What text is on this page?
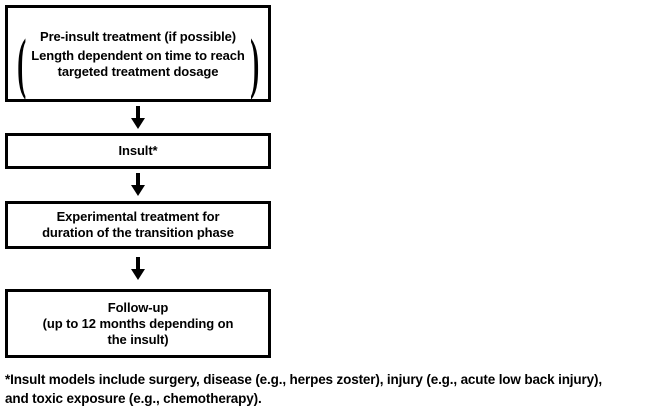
Pre-insult treatment (if possible)
( Length dependent on time to reach
targeted treatment dosage	)
Insult*
Experimental treatment for
duration of the transition phase
Follow-up
(up to 12 months depending on
the insult)
*Insult models include surgery, disease (e.g., herpes zoster), injury (e.g., acute low back injury),
and toxic exposure (e.g., chemotherapy).
